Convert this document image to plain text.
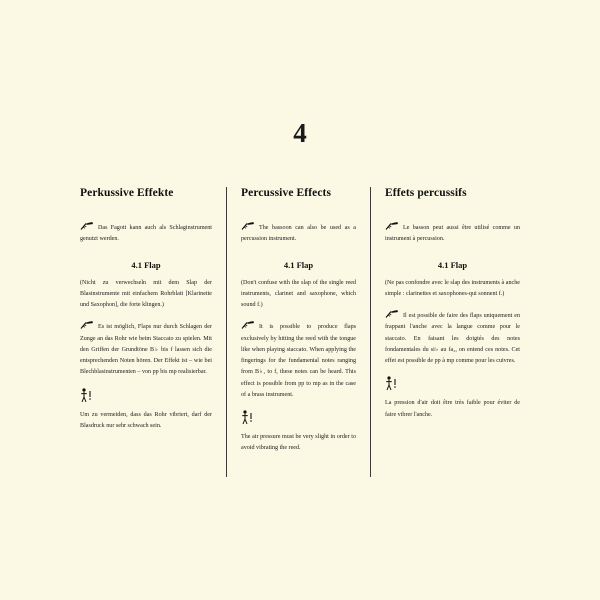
4
Perkussive Effekte

Das Fagott kann auch als Schlaginstrument genutzt werden.

4.1 Flap

(Nicht zu verwechseln mit dem Slap der Blasinstrumente mit einfachem Rohrblatt [Klarinette und Saxophon], die forte klingen.)

Es ist möglich, Flaps nur durch Schlagen der Zunge an das Rohr wie beim Staccato zu spielen. Mit den Griffen der Grundtöne B♭ bis f lassen sich die entsprechenden Noten hören. Der Effekt ist – wie bei Blechblasinstrumenten – von pp bis mp realisierbar.

Um zu vermeiden, dass das Rohr vibriert, darf der Blasdruck nur sehr schwach sein.

Percussive Effects

The bassoon can also be used as a percussion instrument.

4.1 Flap

(Don't confuse with the slap of the single reed instruments, clarinet and saxophone, which sound f.)

It is possible to produce flaps exclusively by hitting the reed with the tongue like when playing staccato. When applying the fingerings for the fundamental notes ranging from B♭₁ to f, these notes can be heard. This effect is possible from pp to mp as in the case of a brass instrument.

The air pressure must be very slight in order to avoid vibrating the reed.

Effets percussifs

Le basson peut aussi être utilisé comme un instrument à percussion.

4.1 Flap

(Ne pas confondre avec le slap des instruments à anche simple : clarinettes et saxophones-qui sonnent f.)

Il est possible de faire des flaps uniquement en frappant l'anche avec la langue comme pour le staccato. En faisant les doigtés des notes fondamentales du si♭ au fa₂, on entend ces notes. Cet effet est possible de pp à mp comme pour les cuivres.

La pression d'air doit être très faible pour éviter de faire vibrer l'anche.
